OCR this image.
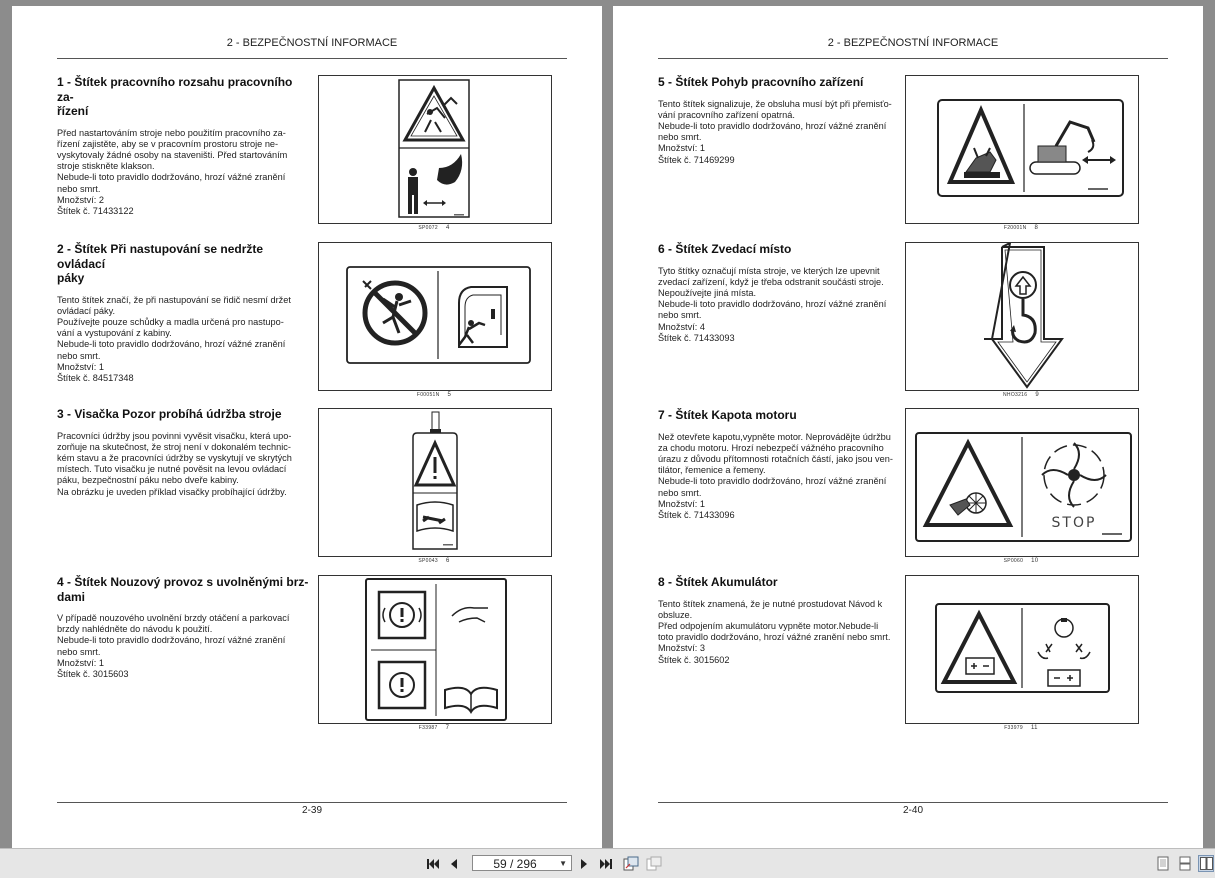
2 - BEZPEČNOSTNÍ INFORMACE
1 - Štítek pracovního rozsahu pracovního za-
řízení

Před nastartováním stroje nebo použitím pracovního za-
řízení zajistěte, aby se v pracovním prostoru stroje ne-
vyskytovaly žádné osoby na staveništi. Před startováním
stroje stiskněte klakson.
Nebude-li toto pravidlo dodržováno, hrozí vážné zranění
nebo smrt.
Množství: 2
Štítek č. 71433122

SP0072 4
2 - Štítek Při nastupování se nedržte ovládací
páky

Tento štítek značí, že při nastupování se řidič nesmí držet
ovládací páky.
Používejte pouze schůdky a madla určená pro nastupo-
vání a vystupování z kabiny.
Nebude-li toto pravidlo dodržováno, hrozí vážné zranění
nebo smrt.
Množství: 1
Štítek č. 84517348

F00051N 5
3 - Visačka Pozor probíhá údržba stroje

Pracovníci údržby jsou povinni vyvěsit visačku, která upo-
zorňuje na skutečnost, že stroj není v dokonalém technic-
kém stavu a že pracovníci údržby se vyskytují ve skrytých
místech. Tuto visačku je nutné pověsit na levou ovládací
páku, bezpečnostní páku nebo dveře kabiny.
Na obrázku je uveden příklad visačky probíhající údržby.

SP0043 6
4 - Štítek Nouzový provoz s uvolněnými brz-
dami

V případě nouzového uvolnění brzdy otáčení a parkovací
brzdy nahlédněte do návodu k použití.
Nebude-li toto pravidlo dodržováno, hrozí vážné zranění
nebo smrt.
Množství: 1
Štítek č. 3015603

F33987 7
2-39
2 - BEZPEČNOSTNÍ INFORMACE
5 - Štítek Pohyb pracovního zařízení

Tento štítek signalizuje, že obsluha musí být při přemisťo-
vání pracovního zařízení opatrná.
Nebude-li toto pravidlo dodržováno, hrozí vážné zranění
nebo smrt.
Množství: 1
Štítek č. 71469299

F20001N 8
6 - Štítek Zvedací místo

Tyto štítky označují místa stroje, ve kterých lze upevnit
zvedací zařízení, když je třeba odstranit součásti stroje.
Nepoužívejte jiná místa.
Nebude-li toto pravidlo dodržováno, hrozí vážné zranění
nebo smrt.
Množství: 4
Štítek č. 71433093

NHO3216 9
7 - Štítek Kapota motoru

Než otevřete kapotu,vypněte motor. Neprovádějte údržbu
za chodu motoru. Hrozí nebezpečí vážného pracovního
úrazu z důvodu přítomnosti rotačních částí, jako jsou ven-
tilátor, řemenice a řemeny.
Nebude-li toto pravidlo dodržováno, hrozí vážné zranění
nebo smrt.
Množství: 1
Štítek č. 71433096

STOP
SP0060 10
8 - Štítek Akumulátor

Tento štítek znamená, že je nutné prostudovat Návod k
obsluze.
Před odpojením akumulátoru vypněte motor.Nebude-li
toto pravidlo dodržováno, hrozí vážné zranění nebo smrt.
Množství: 3
Štítek č. 3015602

F33979 11
2-40
59 / 296	▼
